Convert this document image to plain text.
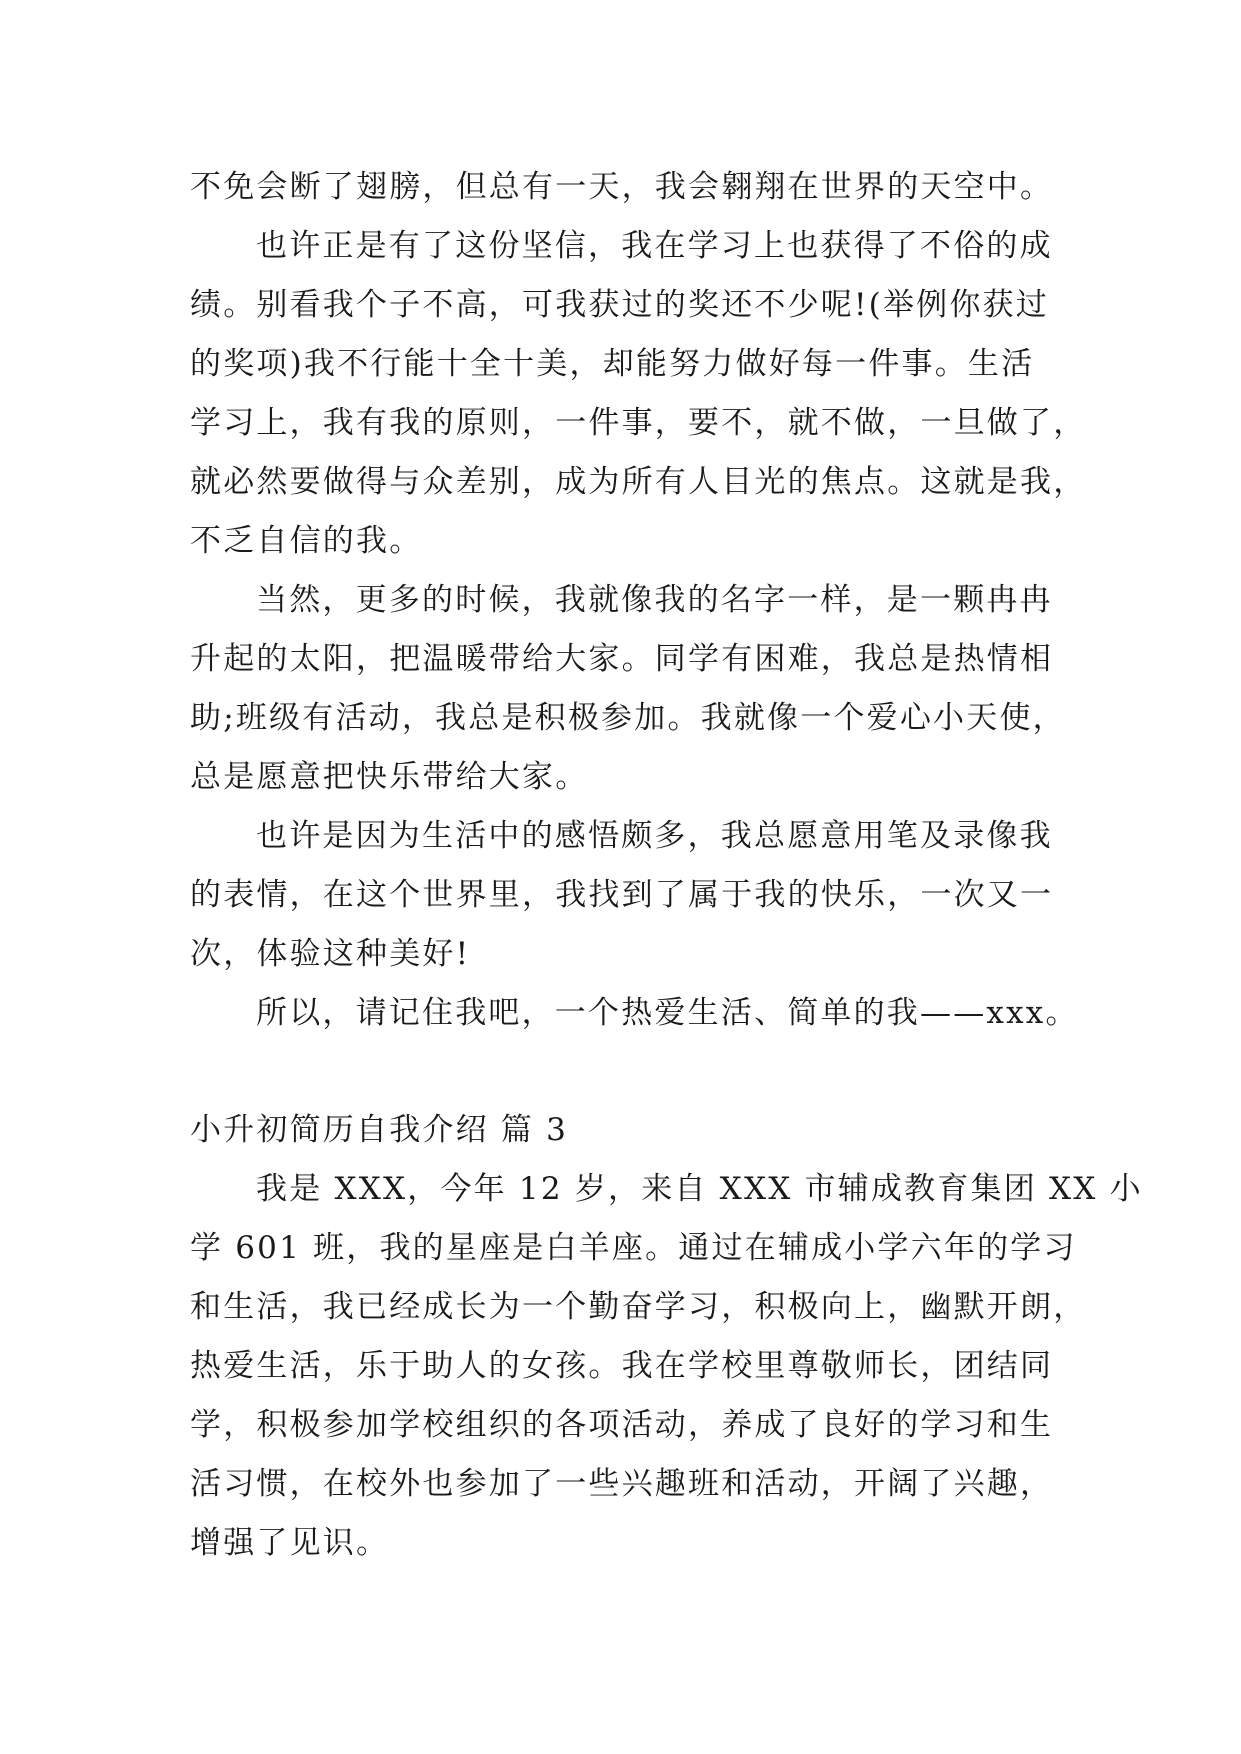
不免会断了翅膀，但总有一天，我会翱翔在世界的天空中。
也许正是有了这份坚信，我在学习上也获得了不俗的成
绩。别看我个子不高，可我获过的奖还不少呢!(举例你获过
的奖项)我不行能十全十美，却能努力做好每一件事。生活
学习上，我有我的原则，一件事，要不，就不做，一旦做了，
就必然要做得与众差别，成为所有人目光的焦点。这就是我，
不乏自信的我。
当然，更多的时候，我就像我的名字一样，是一颗冉冉
升起的太阳，把温暖带给大家。同学有困难，我总是热情相
助;班级有活动，我总是积极参加。我就像一个爱心小天使，
总是愿意把快乐带给大家。
也许是因为生活中的感悟颇多，我总愿意用笔及录像我
的表情，在这个世界里，我找到了属于我的快乐，一次又一
次，体验这种美好!
所以，请记住我吧，一个热爱生活、简单的我——xxx。
小升初简历自我介绍 篇 3
我是 XXX，今年 12 岁，来自 XXX 市辅成教育集团 XX 小
学 601 班，我的星座是白羊座。通过在辅成小学六年的学习
和生活，我已经成长为一个勤奋学习，积极向上，幽默开朗，
热爱生活，乐于助人的女孩。我在学校里尊敬师长，团结同
学，积极参加学校组织的各项活动，养成了良好的学习和生
活习惯，在校外也参加了一些兴趣班和活动，开阔了兴趣，
增强了见识。
